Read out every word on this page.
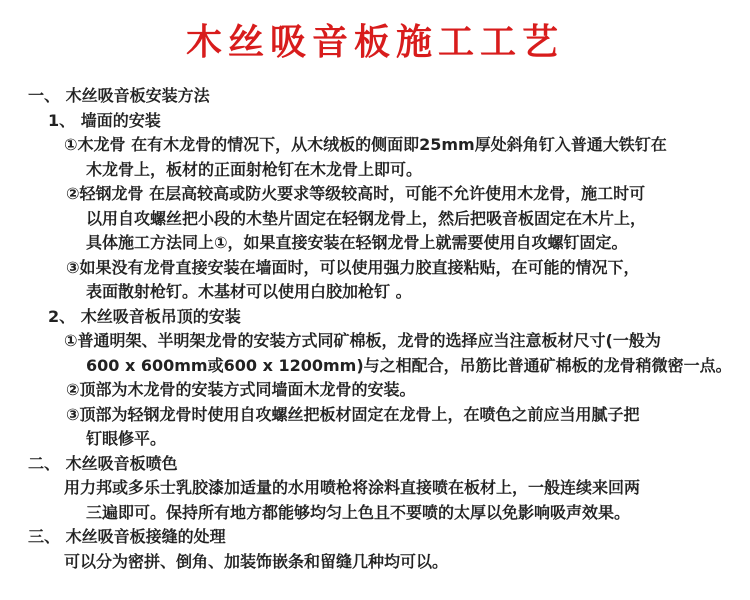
木丝吸音板施工工艺
一、 木丝吸音板安装方法
1、 墙面的安装
①木龙骨 在有木龙骨的情况下，从木绒板的侧面即25mm厚处斜角钉入普通大铁钉在
木龙骨上，板材的正面射枪钉在木龙骨上即可。
②轻钢龙骨 在层高较高或防火要求等级较高时，可能不允许使用木龙骨，施工时可
以用自攻螺丝把小段的木垫片固定在轻钢龙骨上，然后把吸音板固定在木片上，
具体施工方法同上①，如果直接安装在轻钢龙骨上就需要使用自攻螺钉固定。
③如果没有龙骨直接安装在墙面时，可以使用强力胶直接粘贴，在可能的情况下，
表面散射枪钉。木基材可以使用白胶加枪钉 。
2、 木丝吸音板吊顶的安装
①普通明架、半明架龙骨的安装方式同矿棉板，龙骨的选择应当注意板材尺寸(一般为
600 x 600mm或600 x 1200mm)与之相配合，吊筋比普通矿棉板的龙骨稍微密一点。
②顶部为木龙骨的安装方式同墙面木龙骨的安装。
③顶部为轻钢龙骨时使用自攻螺丝把板材固定在龙骨上，在喷色之前应当用腻子把
钉眼修平。
二、 木丝吸音板喷色
用力邦或多乐士乳胶漆加适量的水用喷枪将涂料直接喷在板材上，一般连续来回两
三遍即可。保持所有地方都能够均匀上色且不要喷的太厚以免影响吸声效果。
三、 木丝吸音板接缝的处理
可以分为密拼、倒角、加装饰嵌条和留缝几种均可以。
